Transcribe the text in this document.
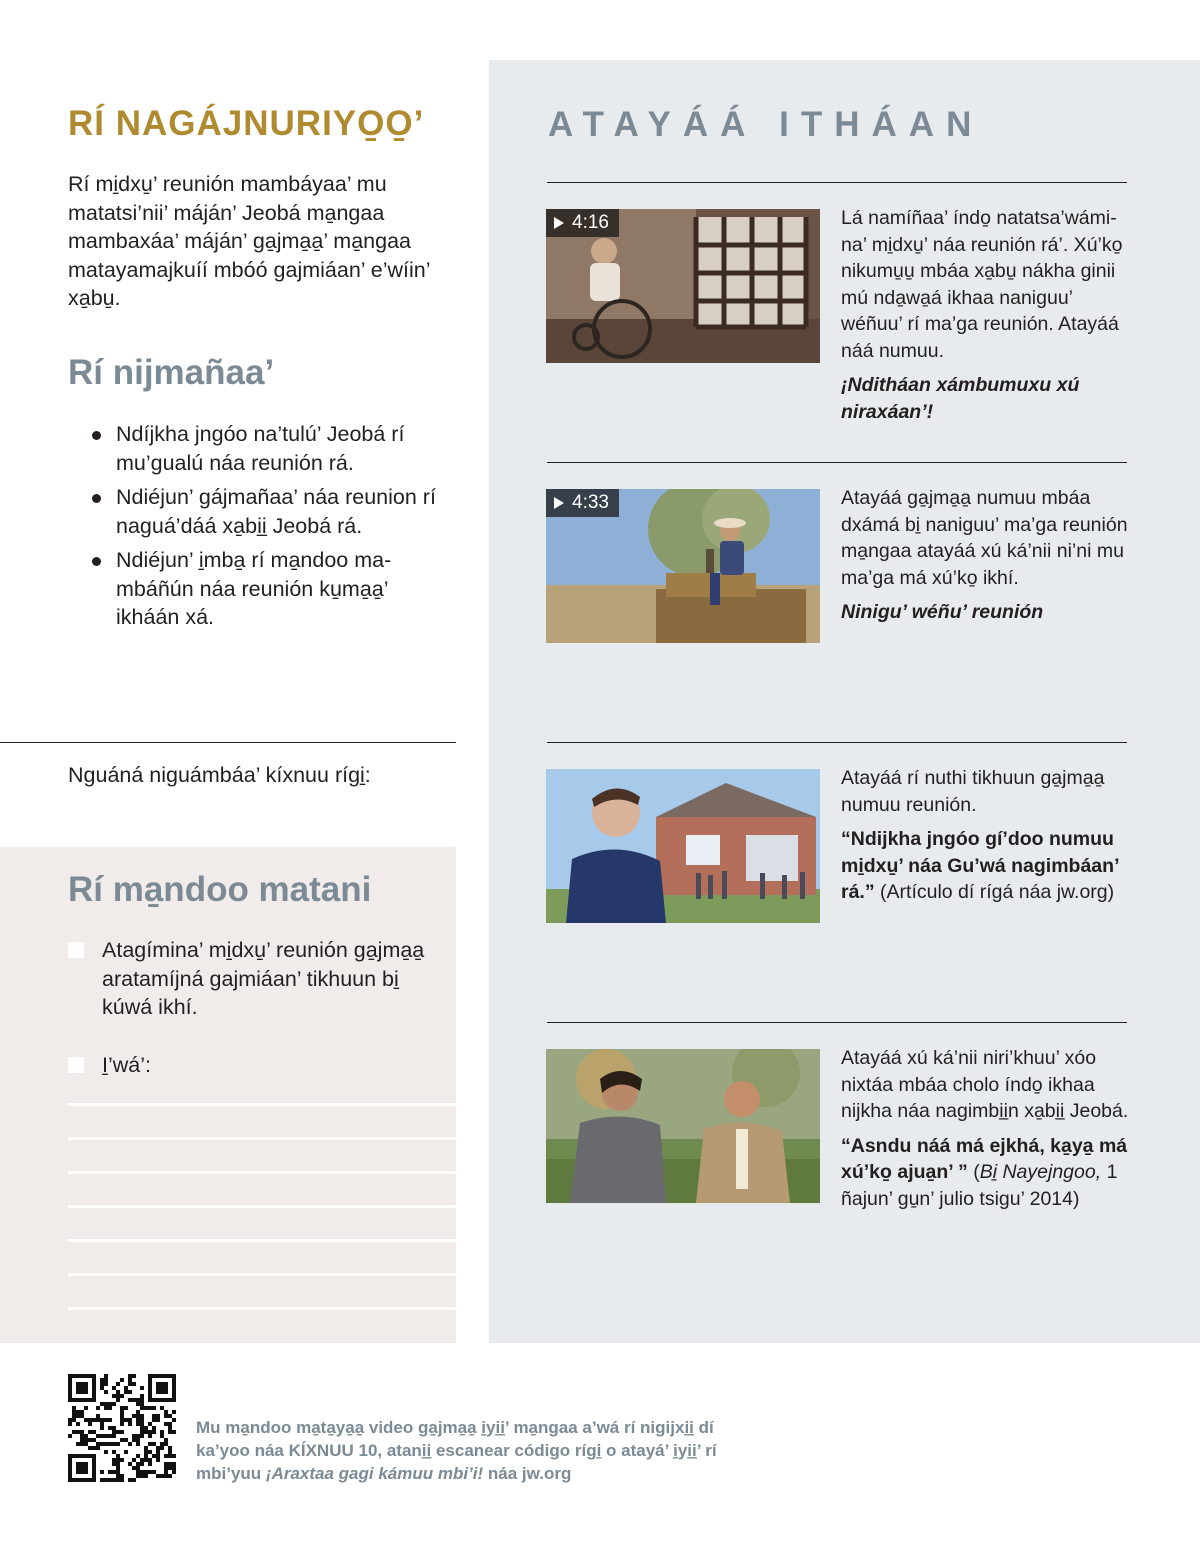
RÍ NAGÁJNURIYO̱O̱’

Rí mi̱dxu̱’ reunión mambáyaa’ mu matatsi’nii’ máján’ Jeobá ma̱ngaa mambaxáa’ máján’ ga̱jma̱a̱’ ma̱ngaa matayamajkuíí mbóó gajmiáan’ e’wíin’ xa̱bu̱.

Rí nijmañaa’
Ndíjkha jngóo na’tulú’ Jeobá rí mu’gualú náa reunión rá.
Ndiéjun’ gájmañaa’ náa reunion rí naguá’dáá xa̱bi̱i̱ Jeobá rá.
Ndiéjun’ i̱mba̱ rí ma̱ndoo mambáñún náa reunión ku̱ma̱a̱’ ikháán xá.

Nguáná niguámbáa’ kíxnuu rígi̱:

Rí ma̱ndoo matani
Atagímina’ mi̱dxu̱’ reunión ga̱jma̱a̱ aratamíjná gajmiáan’ tikhuun bi̱ kúwá ikhí.
I̱’wá’:
ATAYÁÁ ITHÁAN
4:16	Lá namíñaa’ índo̱ natatsa’wámina’ mi̱dxu̱’ náa reunión rá’. Xú’ko̱ nikumu̱u̱ mbáa xa̱bu̱ nákha ginii mú nda̱wa̱á ikhaa naniguu’ wéñuu’ rí ma’ga reunión. Atayáá náá numuu.
¡Nditháan xámbumuxu xú niraxáan’!

4:33	Atayáá ga̱jma̱a̱ numuu mbáa dxámá bi̱ naniguu’ ma’ga reunión ma̱ngaa atayáá xú ká’nii ni’ni mu ma’ga má xú’ko̱ ikhí.
Ninigu’ wéñu’ reunión

Atayáá rí nuthi tikhuun ga̱jma̱a̱ numuu reunión.
“Ndijkha jngóo gí’doo numuu mi̱dxu̱’ náa Gu’wá nagimbáan’ rá.” (Artículo dí rígá náa jw.org)

Atayáá xú ká’nii niri’khuu’ xóo nixtáa mbáa cholo índo̱ ikhaa nijkha náa nagimbi̱i̱n xa̱bi̱i̱ Jeobá.
“Asndu náá má ejkhá, ka̱ya̱ má xú’ko̱ ajua̱n’ ” (Bi̱ Nayejngoo, 1 ñajun’ gu̱n’ julio tsigu’ 2014)

Mu ma̱ndoo ma̱ta̱ya̱a̱ video ga̱jma̱a̱ i̱yi̱i̱’ ma̱ngaa a’wá rí nigijxi̱i̱ dí ka’yoo náa KÍXNUU 10, atani̱i̱ escanear código rígi̱ o atayá’ i̱yi̱i̱’ rí mbi’yuu ¡Araxtaa gagi kámuu mbi’i! náa jw.org
